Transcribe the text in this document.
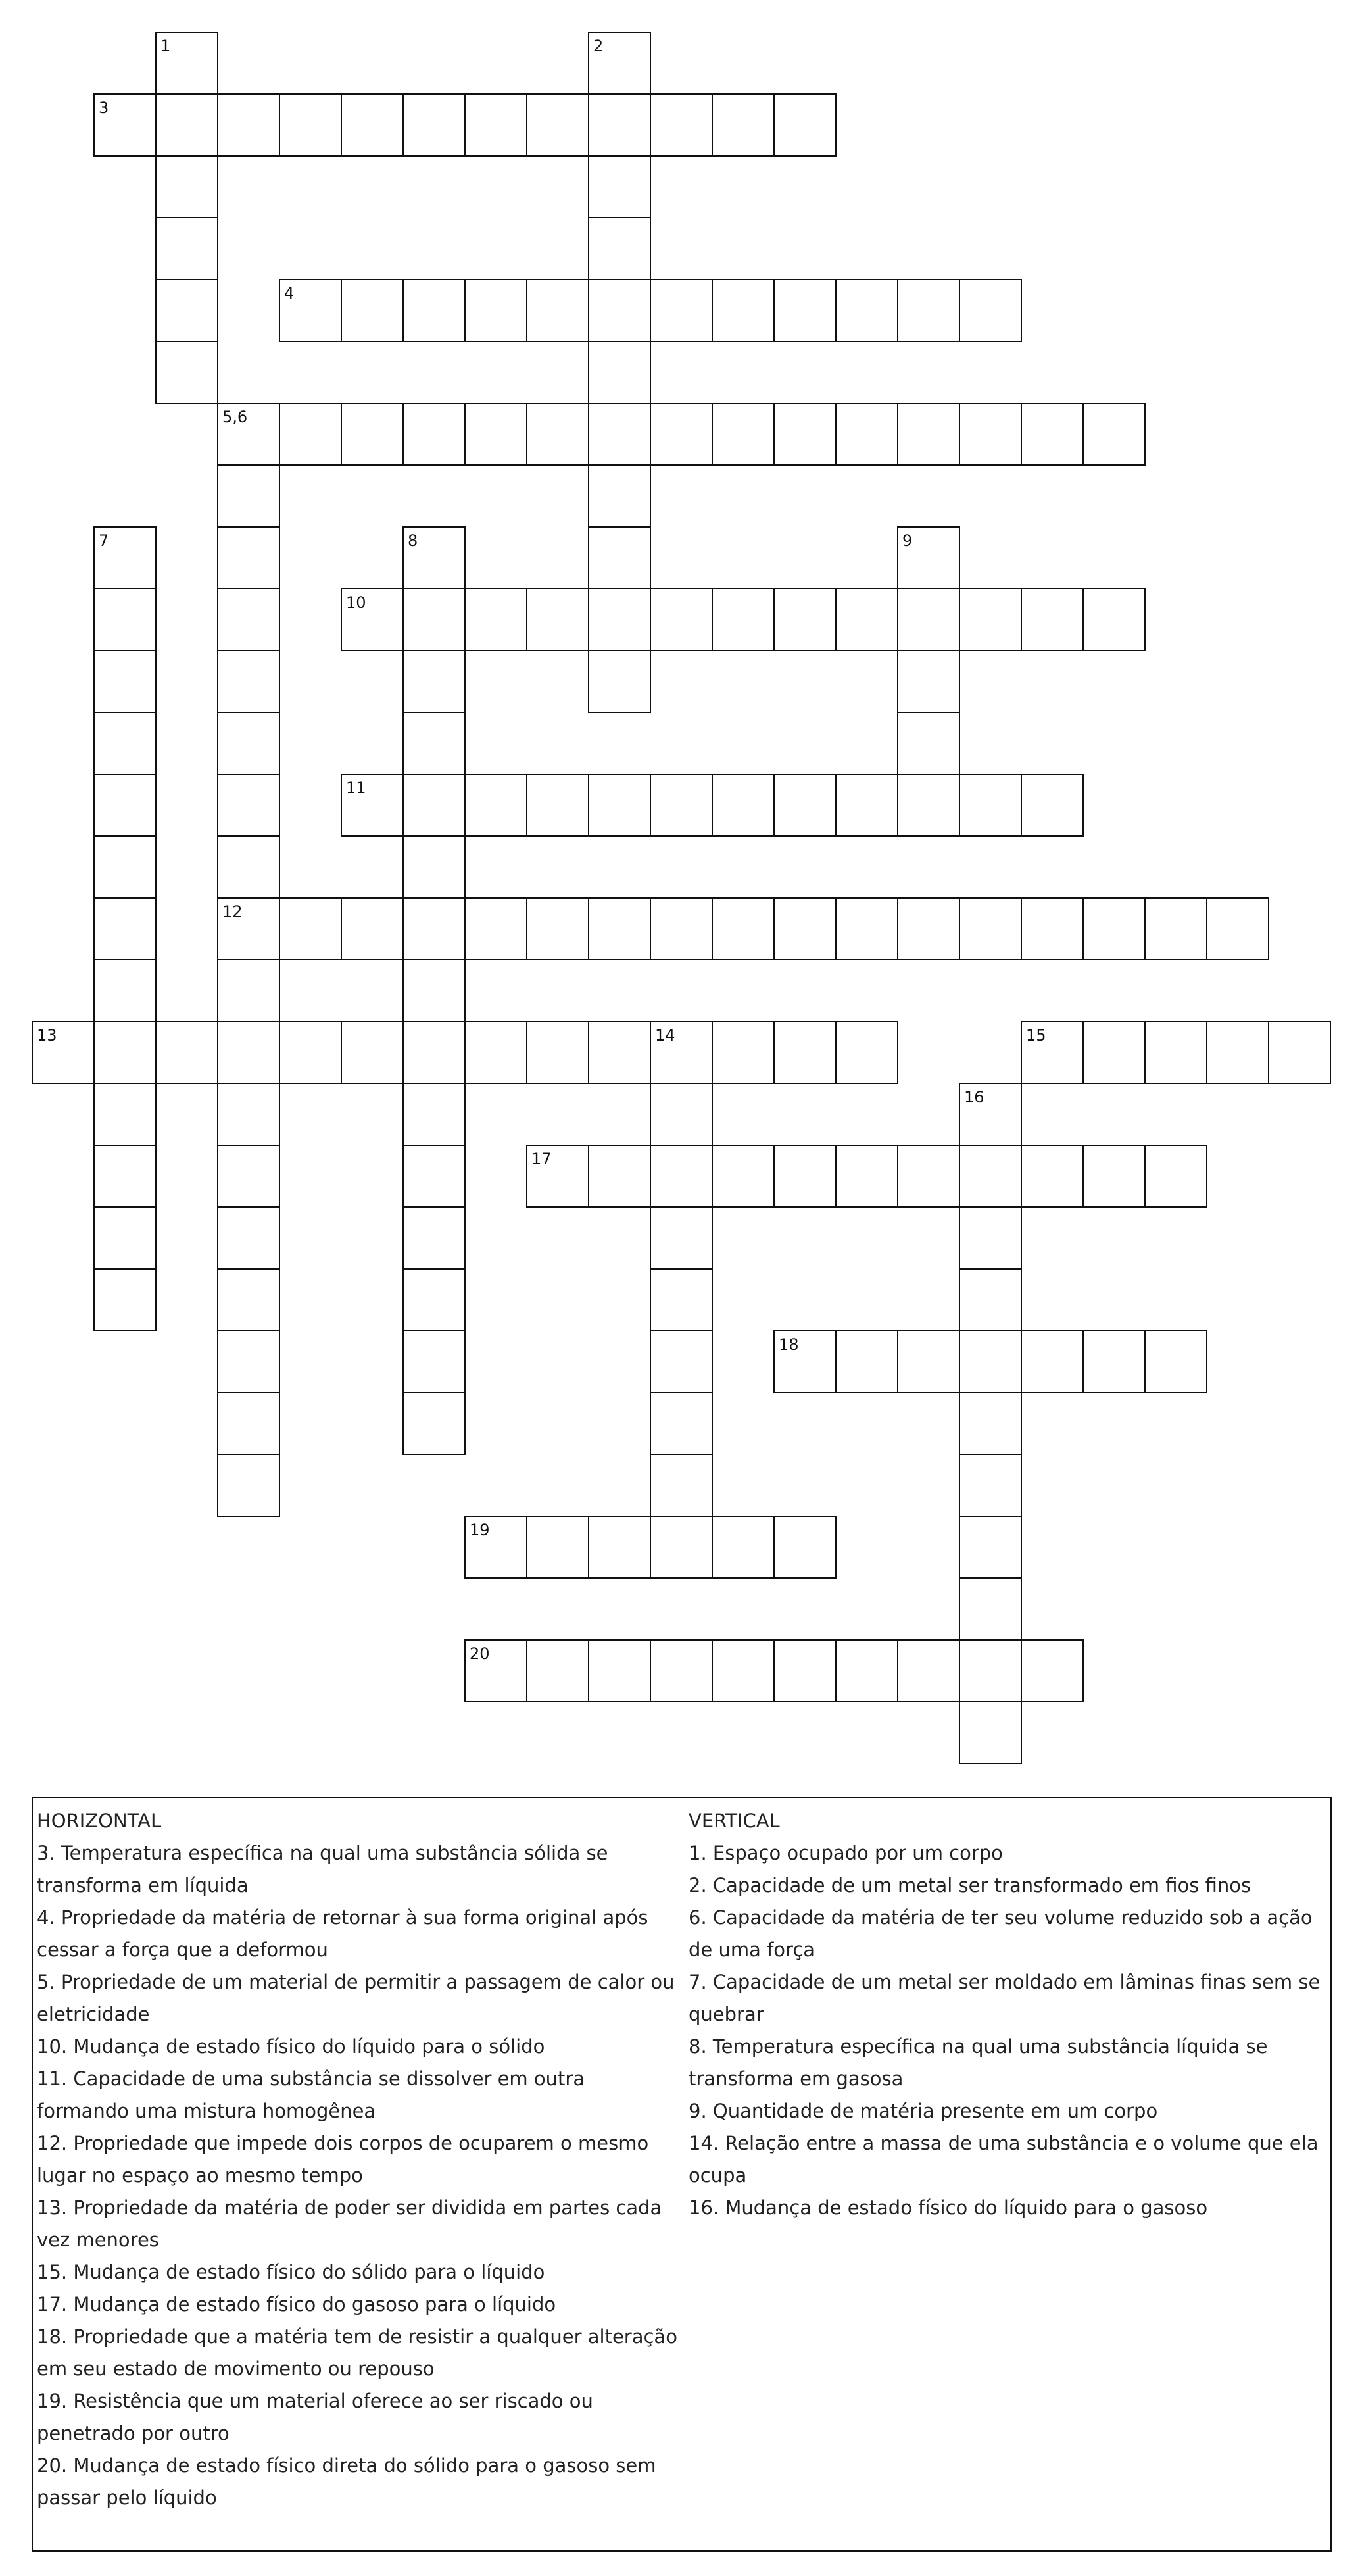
1	2
3
4
5,6
7	8	9
10
11
12
13	14	15
16
17
18
19
20
HORIZONTAL
3. Temperatura específica na qual uma substância sólida se transforma em líquida
4. Propriedade da matéria de retornar à sua forma original após cessar a força que a deformou
5. Propriedade de um material de permitir a passagem de calor ou eletricidade
10. Mudança de estado físico do líquido para o sólido
11. Capacidade de uma substância se dissolver em outra formando uma mistura homogênea
12. Propriedade que impede dois corpos de ocuparem o mesmo lugar no espaço ao mesmo tempo
13. Propriedade da matéria de poder ser dividida em partes cada vez menores
15. Mudança de estado físico do sólido para o líquido
17. Mudança de estado físico do gasoso para o líquido
18. Propriedade que a matéria tem de resistir a qualquer alteração em seu estado de movimento ou repouso
19. Resistência que um material oferece ao ser riscado ou penetrado por outro
20. Mudança de estado físico direta do sólido para o gasoso sem passar pelo líquido
VERTICAL
1. Espaço ocupado por um corpo
2. Capacidade de um metal ser transformado em fios finos
6. Capacidade da matéria de ter seu volume reduzido sob a ação de uma força
7. Capacidade de um metal ser moldado em lâminas finas sem se quebrar
8. Temperatura específica na qual uma substância líquida se transforma em gasosa
9. Quantidade de matéria presente em um corpo
14. Relação entre a massa de uma substância e o volume que ela ocupa
16. Mudança de estado físico do líquido para o gasoso
